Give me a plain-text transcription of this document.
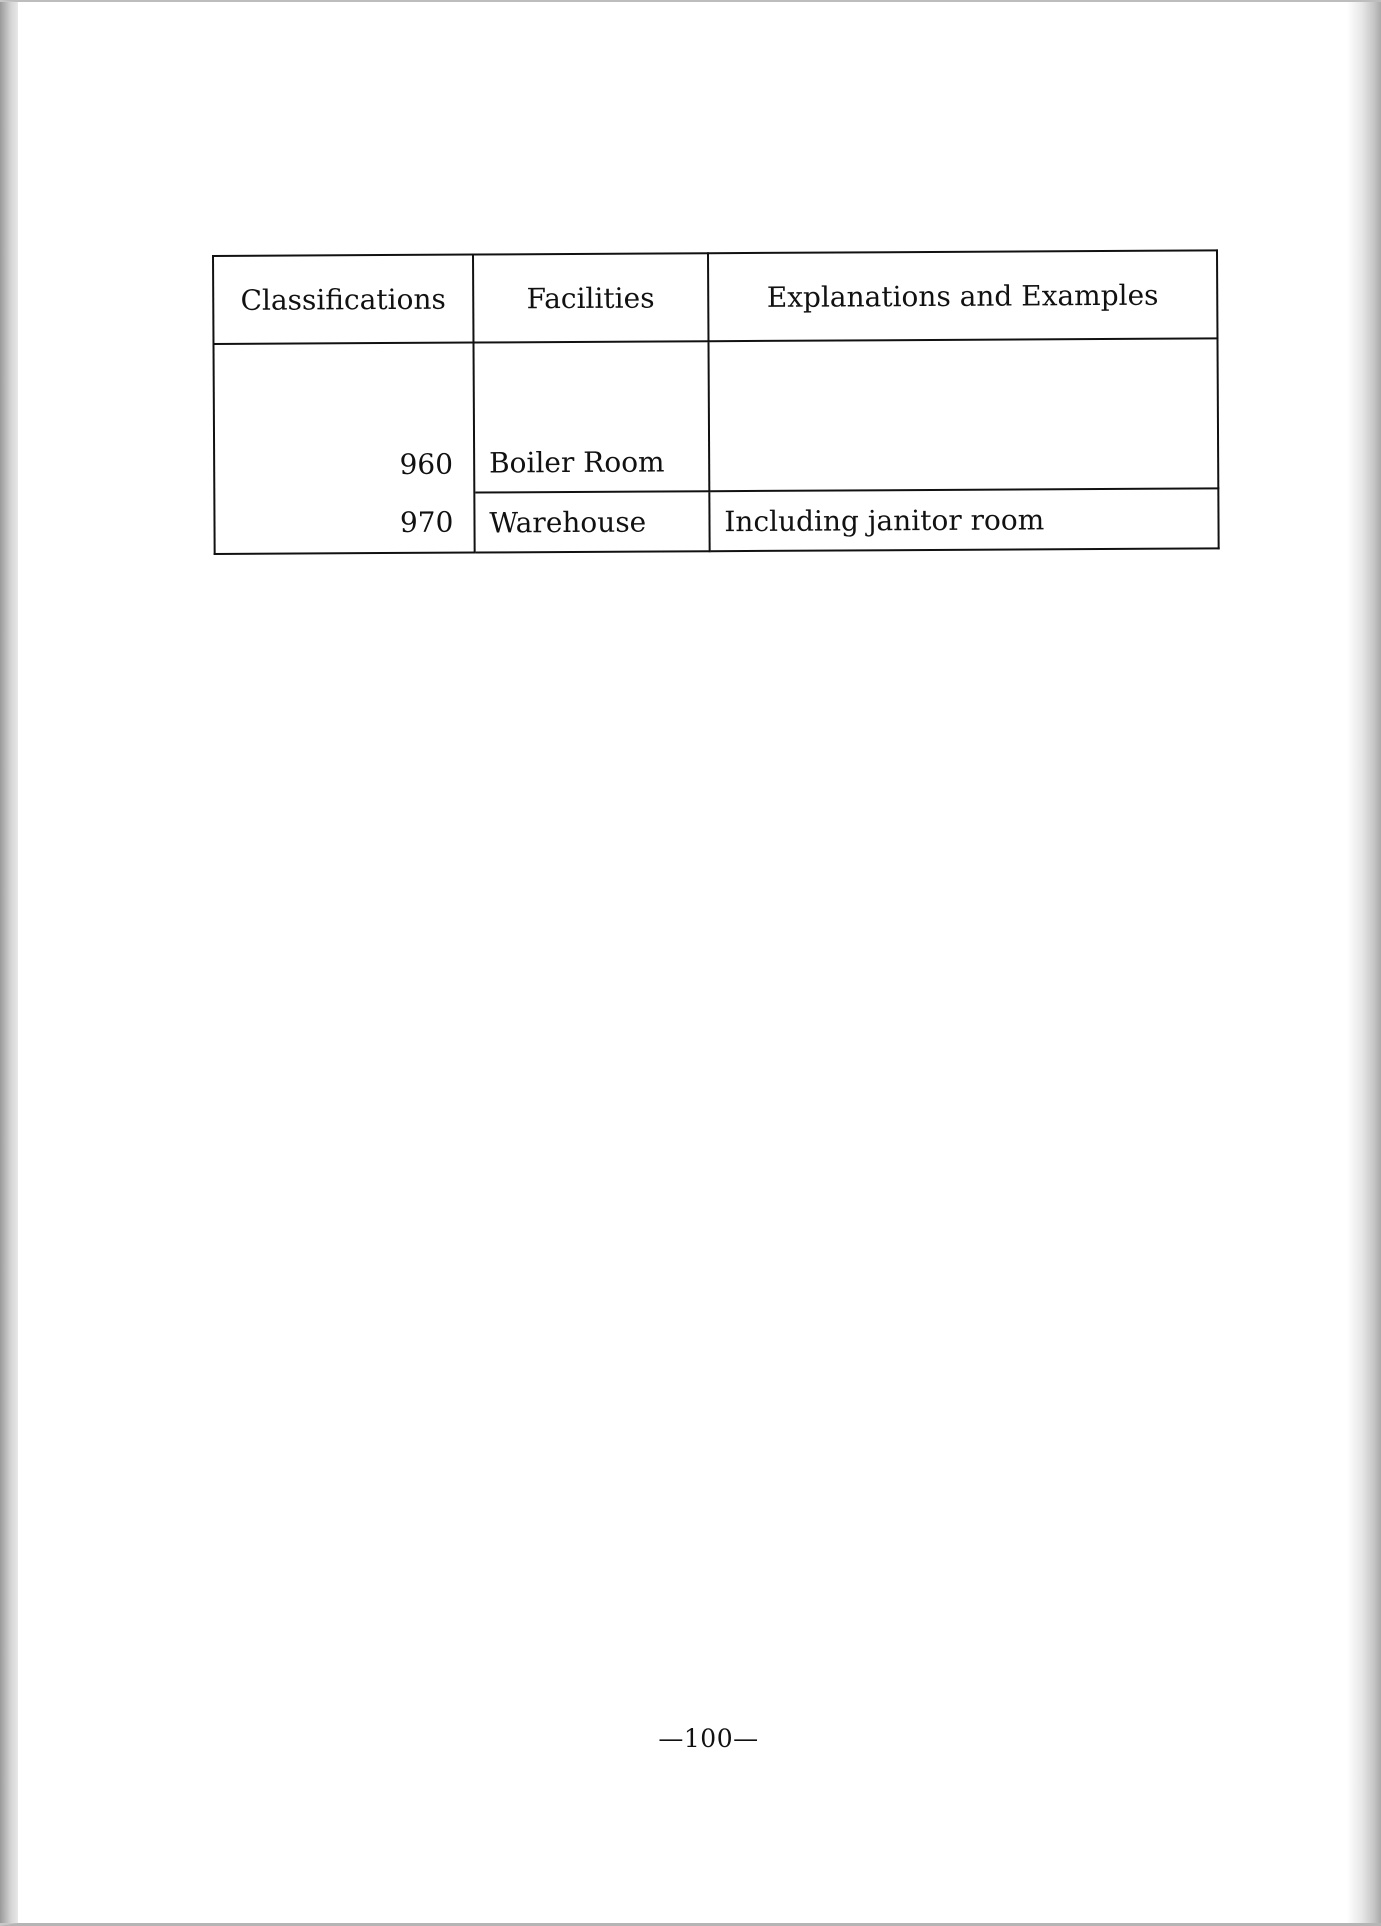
Classifications	Facilities	Explanations and Examples
960	Boiler Room	
970	Warehouse	Including janitor room
—100—
